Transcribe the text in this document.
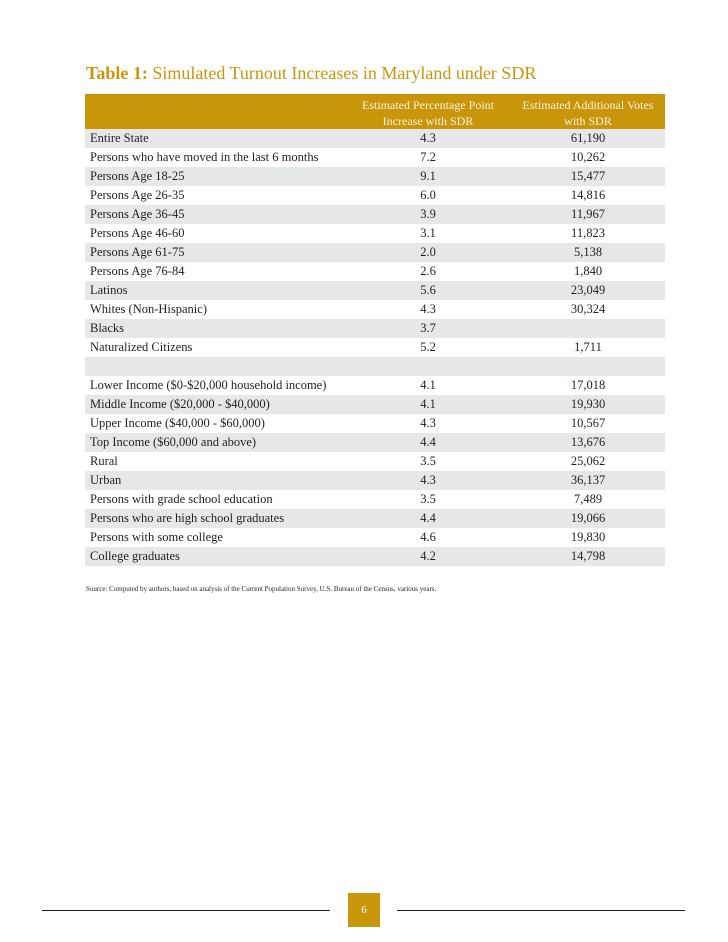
Table 1: Simulated Turnout Increases in Maryland under SDR
Estimated Percentage Point Increase with SDR
Estimated Additional Votes with SDR
Entire State	4.3	61,190
Persons who have moved in the last 6 months	7.2	10,262
Persons Age 18-25	9.1	15,477
Persons Age 26-35	6.0	14,816
Persons Age 36-45	3.9	11,967
Persons Age 46-60	3.1	11,823
Persons Age 61-75	2.0	5,138
Persons Age 76-84	2.6	1,840
Latinos	5.6	23,049
Whites (Non-Hispanic)	4.3	30,324
Blacks	3.7
Naturalized Citizens	5.2	1,711
Lower Income ($0-$20,000 household income)	4.1	17,018
Middle Income ($20,000 - $40,000)	4.1	19,930
Upper Income ($40,000 - $60,000)	4.3	10,567
Top Income ($60,000 and above)	4.4	13,676
Rural	3.5	25,062
Urban	4.3	36,137
Persons with grade school education	3.5	7,489
Persons who are high school graduates	4.4	19,066
Persons with some college	4.6	19,830
College graduates	4.2	14,798
Source: Computed by authors, based on analysis of the Current Population Survey, U.S. Bureau of the Census, various years.
6
